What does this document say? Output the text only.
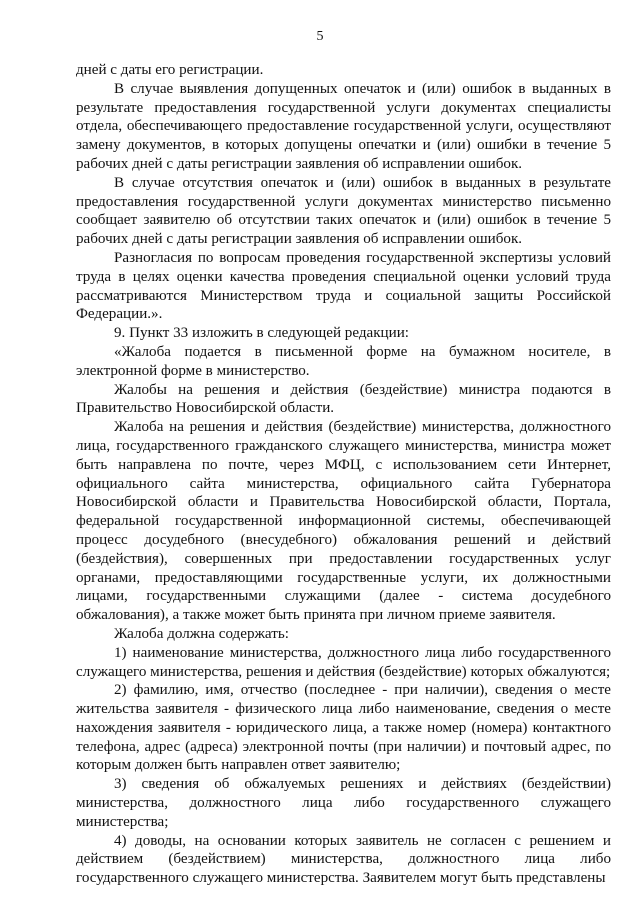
5

дней с даты его регистрации.

В случае выявления допущенных опечаток и (или) ошибок в выданных в результате предоставления государственной услуги документах специалисты отдела, обеспечивающего предоставление государственной услуги, осуществляют замену документов, в которых допущены опечатки и (или) ошибки в течение 5 рабочих дней с даты регистрации заявления об исправлении ошибок.

В случае отсутствия опечаток и (или) ошибок в выданных в результате предоставления государственной услуги документах министерство письменно сообщает заявителю об отсутствии таких опечаток и (или) ошибок в течение 5 рабочих дней с даты регистрации заявления об исправлении ошибок.

Разногласия по вопросам проведения государственной экспертизы условий труда в целях оценки качества проведения специальной оценки условий труда рассматриваются Министерством труда и социальной защиты Российской Федерации.».

9. Пункт 33 изложить в следующей редакции:

«Жалоба подается в письменной форме на бумажном носителе, в электронной форме в министерство.

Жалобы на решения и действия (бездействие) министра подаются в Правительство Новосибирской области.

Жалоба на решения и действия (бездействие) министерства, должностного лица, государственного гражданского служащего министерства, министра может быть направлена по почте, через МФЦ, с использованием сети Интернет, официального сайта министерства, официального сайта Губернатора Новосибирской области и Правительства Новосибирской области, Портала, федеральной государственной информационной системы, обеспечивающей процесс досудебного (внесудебного) обжалования решений и действий (бездействия), совершенных при предоставлении государственных услуг органами, предоставляющими государственные услуги, их должностными лицами, государственными служащими (далее - система досудебного обжалования), а также может быть принята при личном приеме заявителя.

Жалоба должна содержать:

1) наименование министерства, должностного лица либо государственного служащего министерства, решения и действия (бездействие) которых обжалуются;

2) фамилию, имя, отчество (последнее - при наличии), сведения о месте жительства заявителя - физического лица либо наименование, сведения о месте нахождения заявителя - юридического лица, а также номер (номера) контактного телефона, адрес (адреса) электронной почты (при наличии) и почтовый адрес, по которым должен быть направлен ответ заявителю;

3) сведения об обжалуемых решениях и действиях (бездействии) министерства, должностного лица либо государственного служащего министерства;

4) доводы, на основании которых заявитель не согласен с решением и действием (бездействием) министерства, должностного лица либо государственного служащего министерства. Заявителем могут быть представлены
